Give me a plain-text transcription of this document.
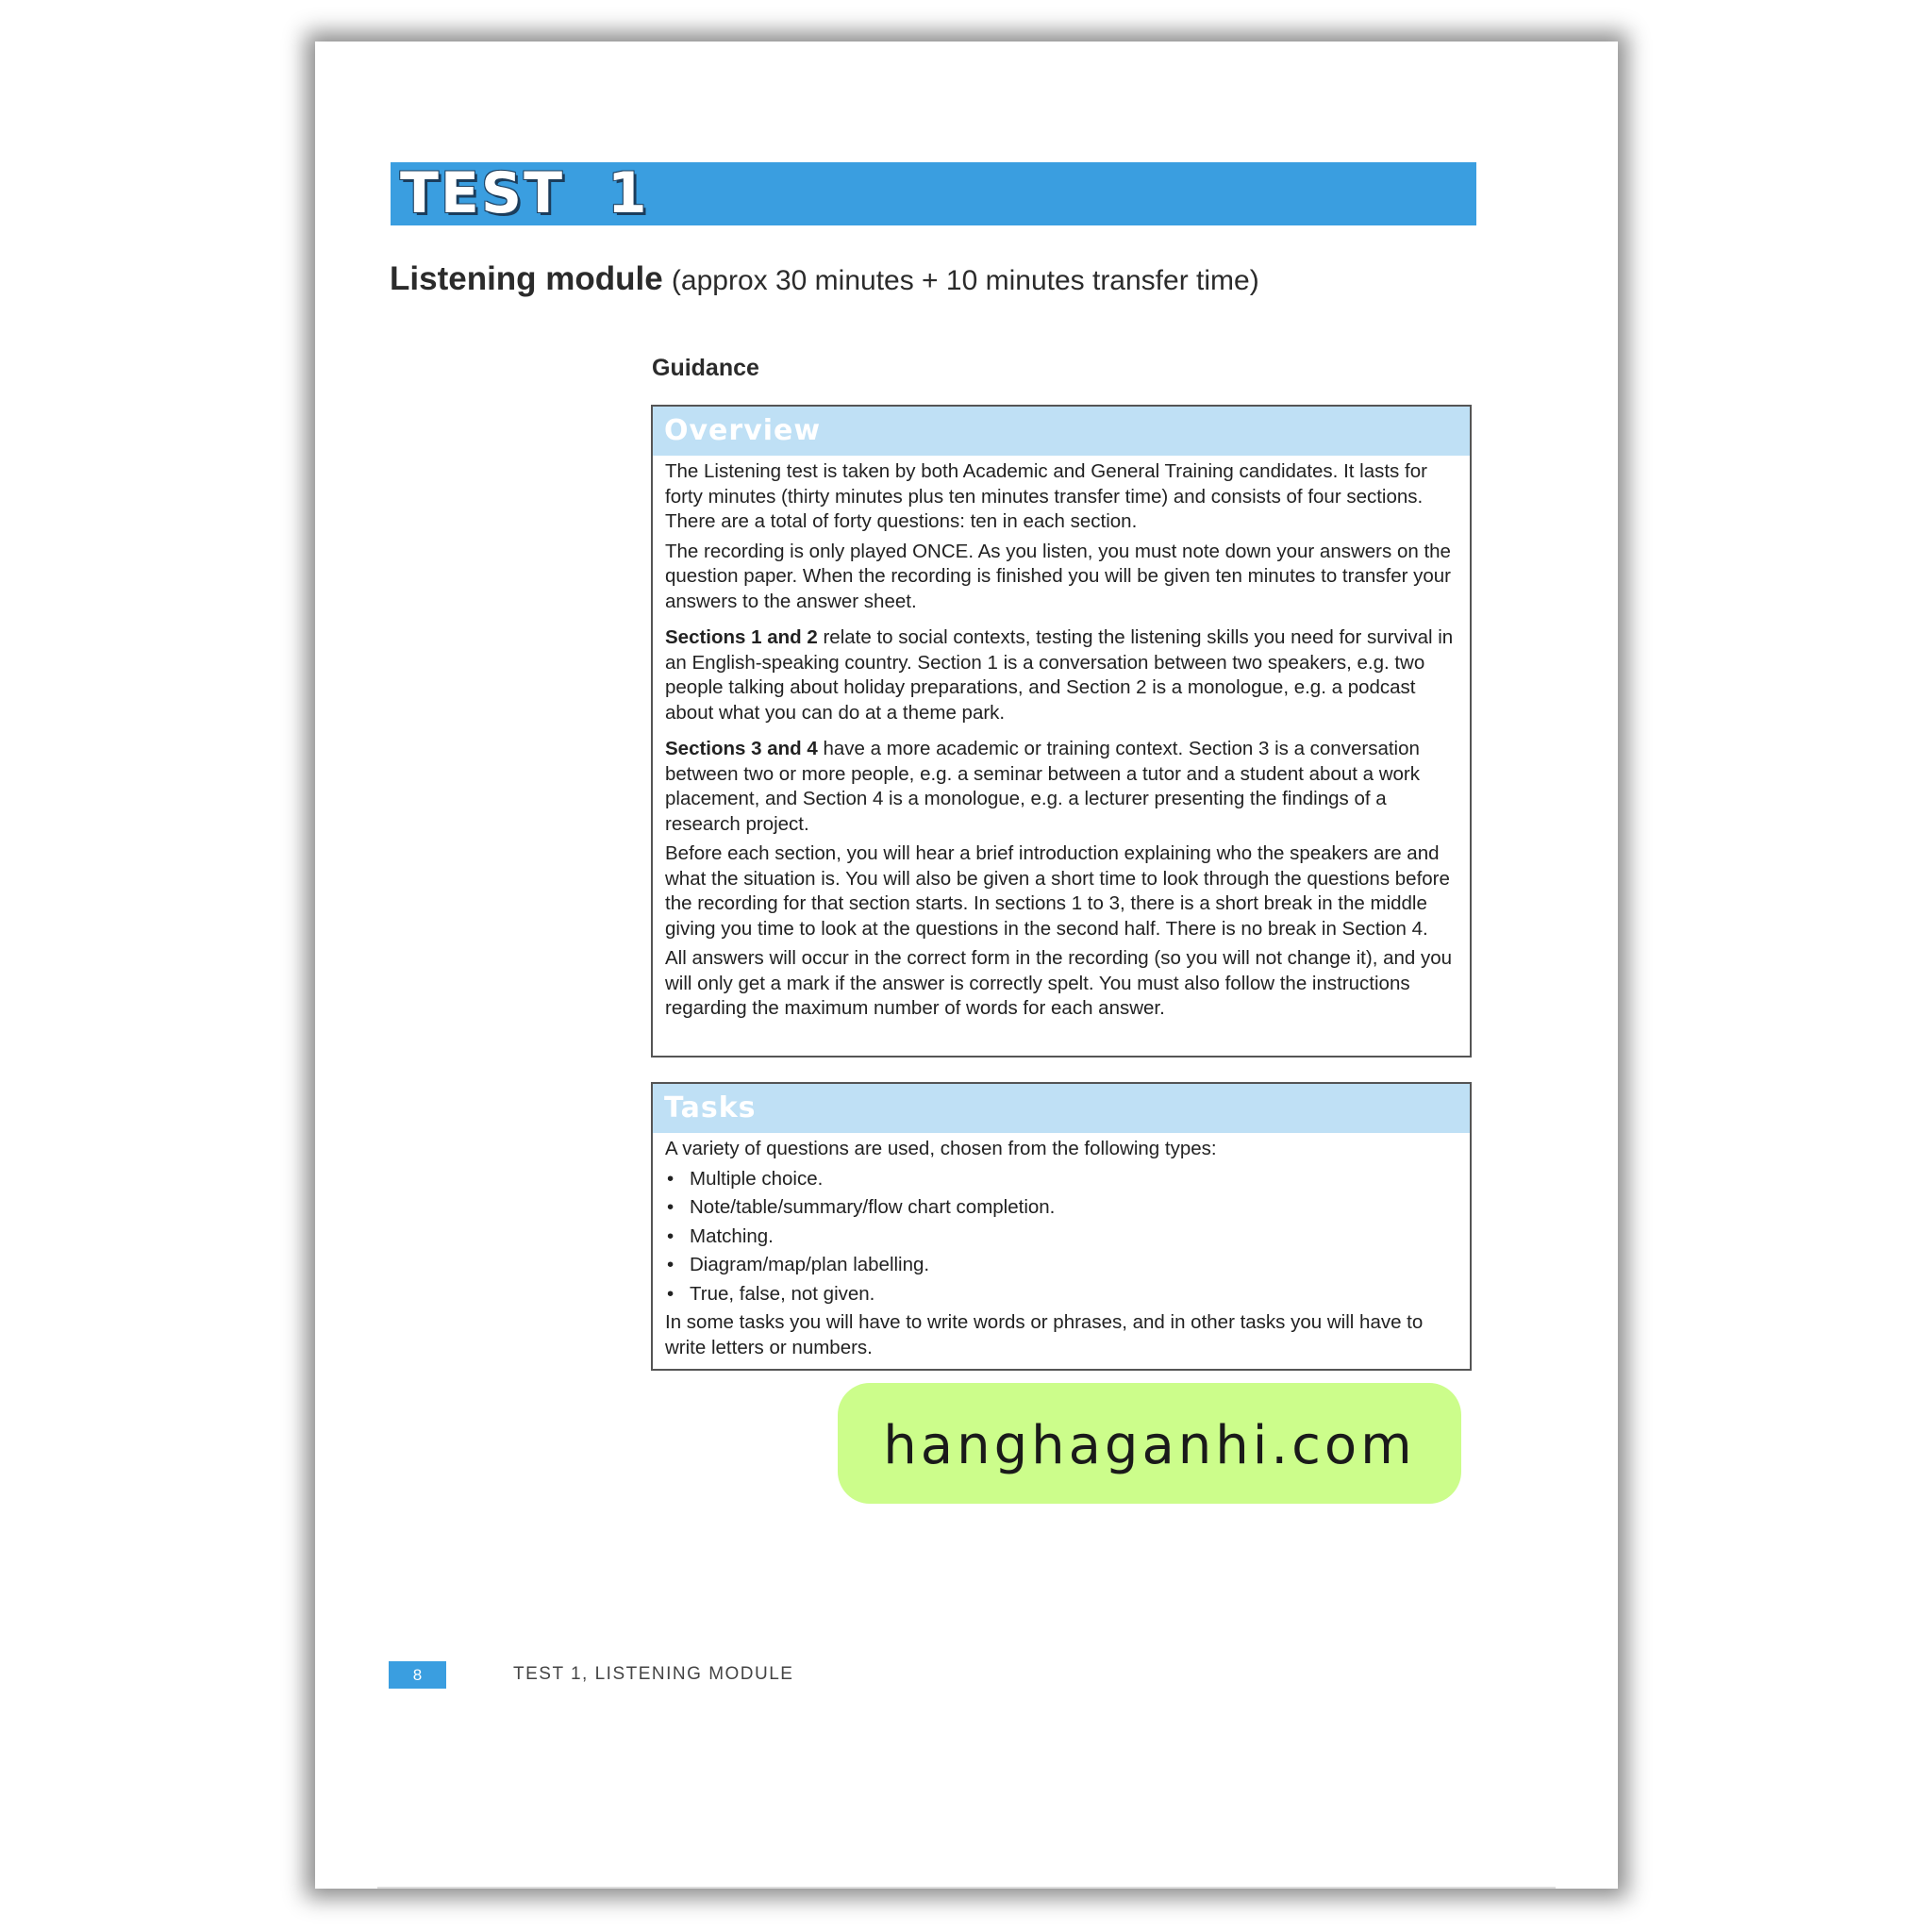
TEST  1
Listening module (approx 30 minutes + 10 minutes transfer time)
Guidance
Overview

The Listening test is taken by both Academic and General Training candidates. It lasts for forty minutes (thirty minutes plus ten minutes transfer time) and consists of four sections. There are a total of forty questions: ten in each section.

The recording is only played ONCE. As you listen, you must note down your answers on the question paper. When the recording is finished you will be given ten minutes to transfer your answers to the answer sheet.

Sections 1 and 2 relate to social contexts, testing the listening skills you need for survival in an English-speaking country. Section 1 is a conversation between two speakers, e.g. two people talking about holiday preparations, and Section 2 is a monologue, e.g. a podcast about what you can do at a theme park.

Sections 3 and 4 have a more academic or training context. Section 3 is a conversation between two or more people, e.g. a seminar between a tutor and a student about a work placement, and Section 4 is a monologue, e.g. a lecturer presenting the findings of a research project.

Before each section, you will hear a brief introduction explaining who the speakers are and what the situation is. You will also be given a short time to look through the questions before the recording for that section starts. In sections 1 to 3, there is a short break in the middle giving you time to look at the questions in the second half. There is no break in Section 4.

All answers will occur in the correct form in the recording (so you will not change it), and you will only get a mark if the answer is correctly spelt. You must also follow the instructions regarding the maximum number of words for each answer.

Tasks

A variety of questions are used, chosen from the following types:

• Multiple choice.
• Note/table/summary/flow chart completion.
• Matching.
• Diagram/map/plan labelling.
• True, false, not given.

In some tasks you will have to write words or phrases, and in other tasks you will have to write letters or numbers.

hanghaganhi.com
8	TEST 1, LISTENING MODULE
